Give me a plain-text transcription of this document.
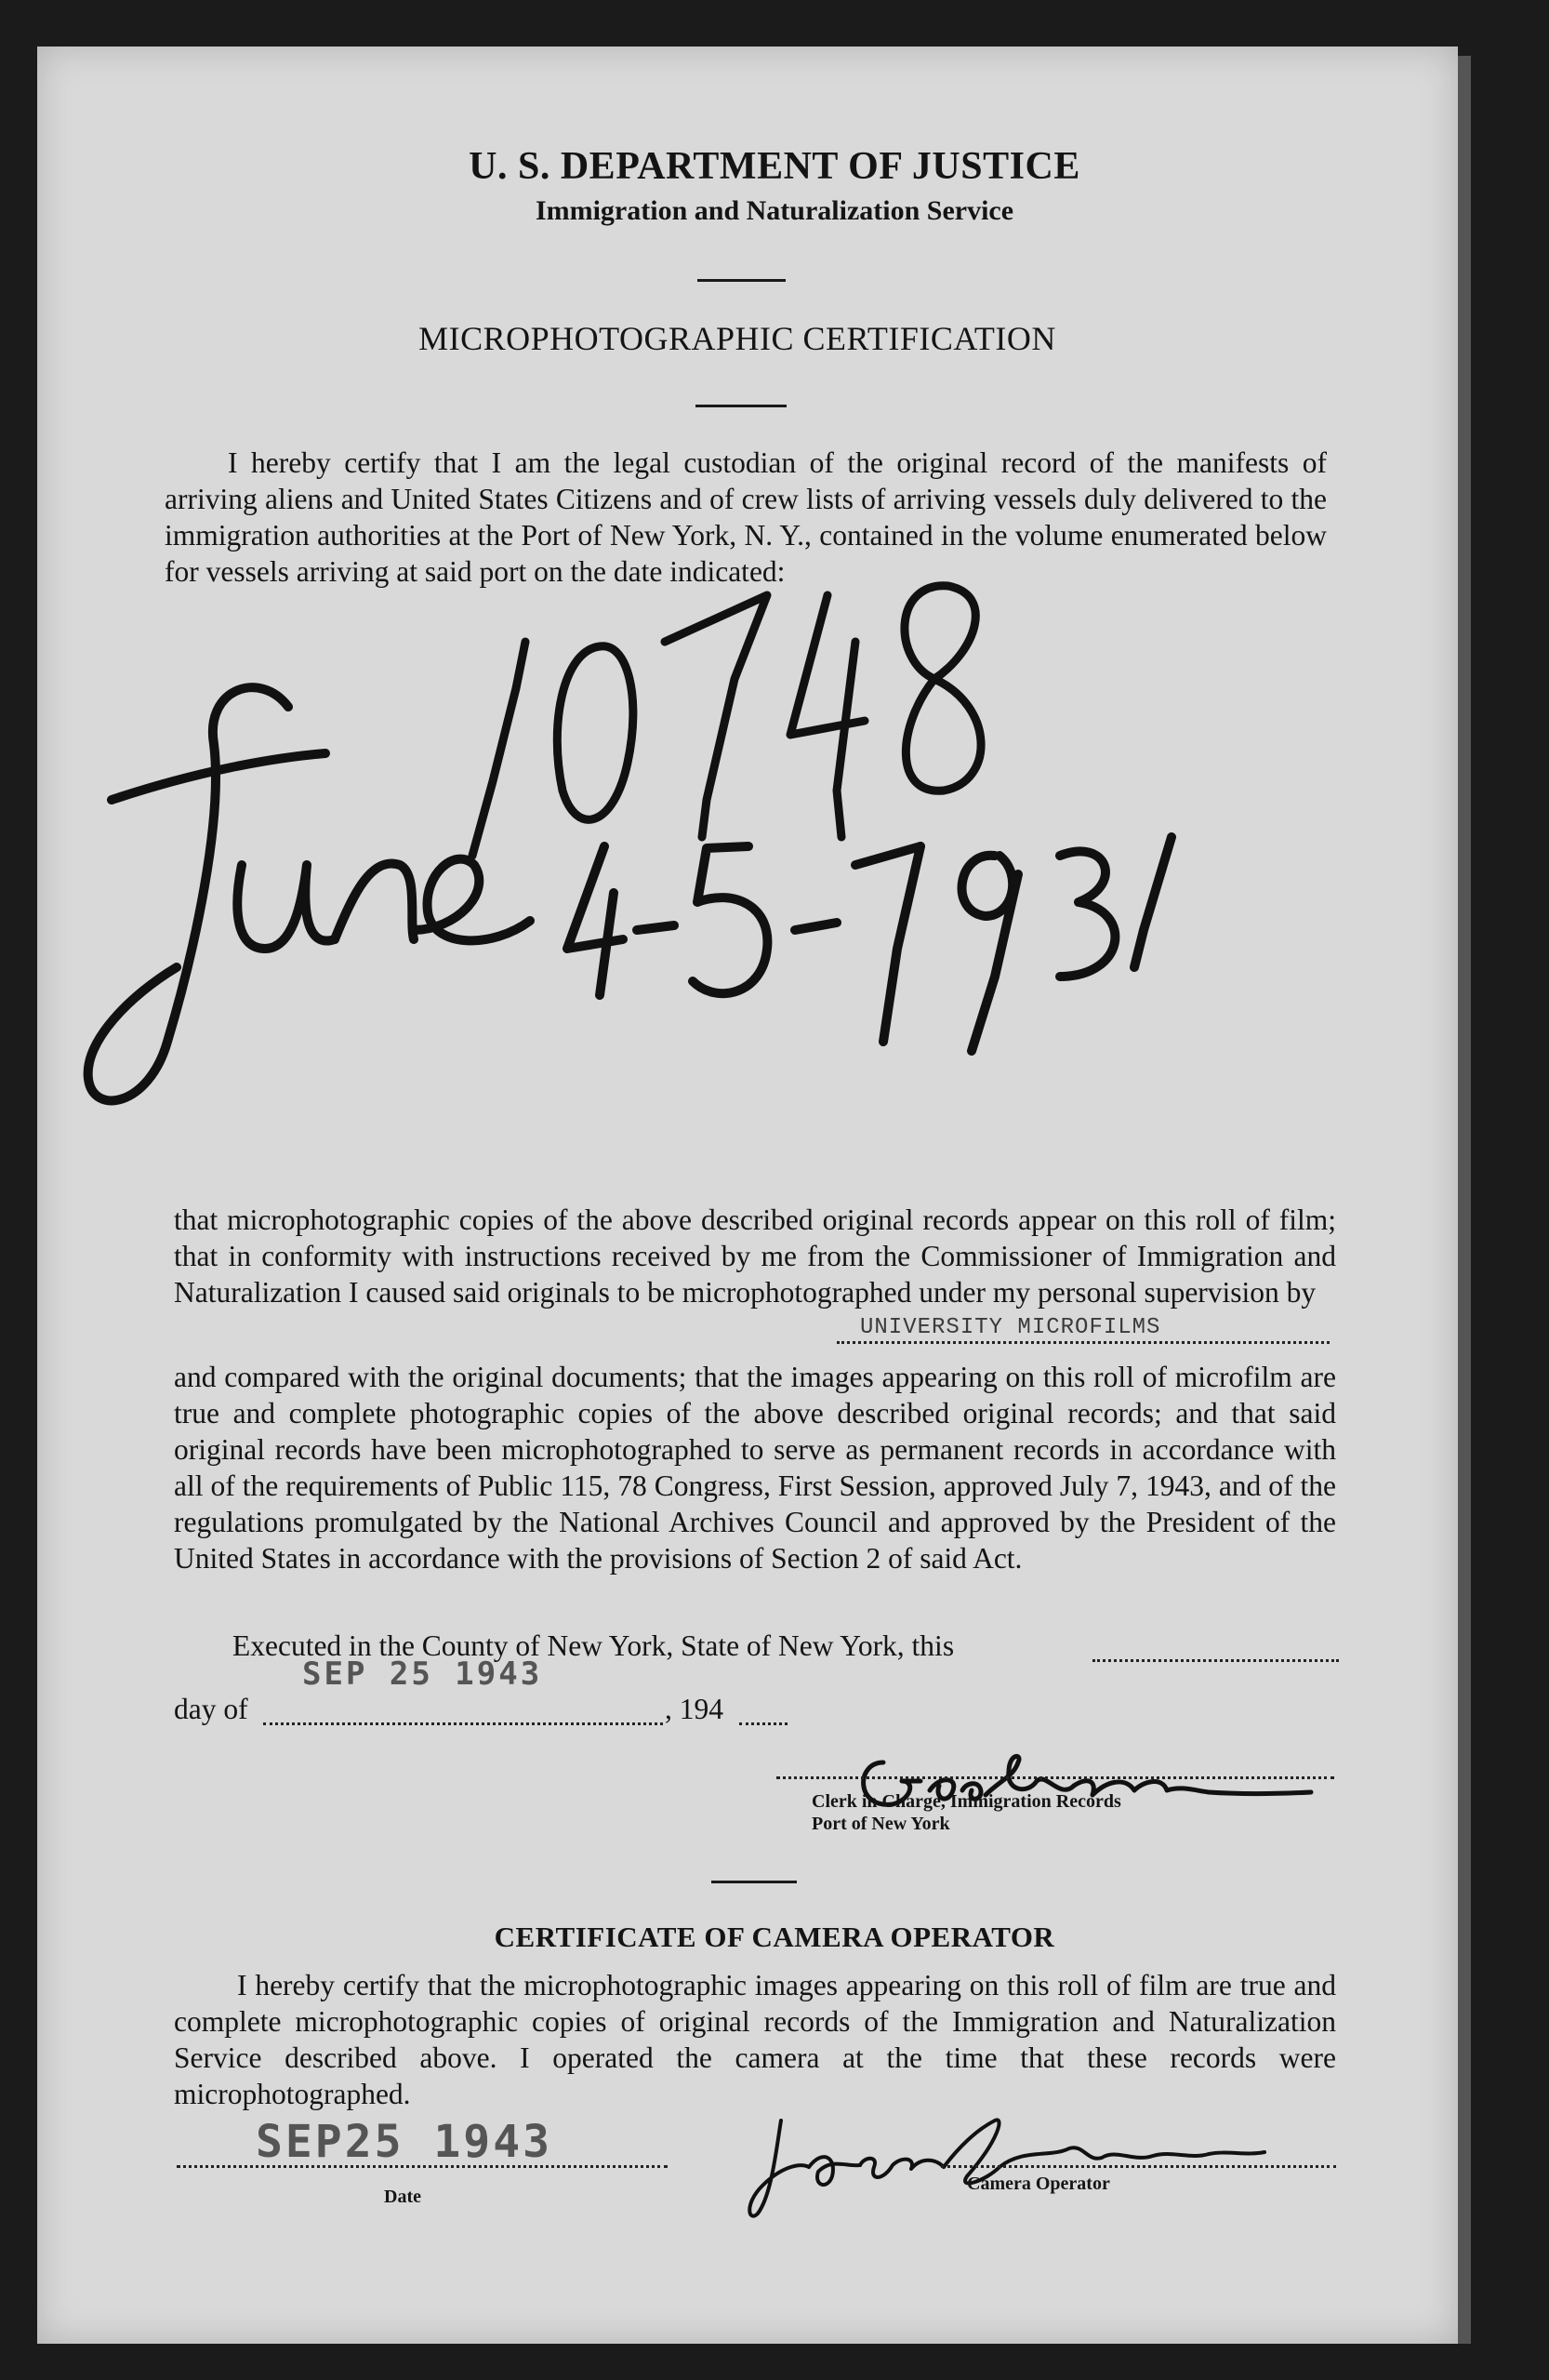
U. S. DEPARTMENT OF JUSTICE
Immigration and Naturalization Service
MICROPHOTOGRAPHIC CERTIFICATION
I hereby certify that I am the legal custodian of the original record of the manifests of arriving aliens and United States Citizens and of crew lists of arriving vessels duly delivered to the immigration authorities at the Port of New York, N. Y., contained in the volume enumerated below for vessels arriving at said port on the date indicated:
that microphotographic copies of the above described original records appear on this roll of film; that in conformity with instructions received by me from the Commissioner of Immigration and Naturalization I caused said originals to be microphotographed under my personal supervision by
UNIVERSITY MICROFILMS
and compared with the original documents; that the images appearing on this roll of microfilm are true and complete photographic copies of the above described original records; and that said original records have been microphotographed to serve as permanent records in accordance with all of the requirements of Public 115, 78 Congress, First Session, approved July 7, 1943, and of the regulations promulgated by the National Archives Council and approved by the President of the United States in accordance with the provisions of Section 2 of said Act.
Executed in the County of New York, State of New York, this
SEP 25 1943
day of	, 194
Clerk in Charge, Immigration Records
Port of New York
CERTIFICATE OF CAMERA OPERATOR
I hereby certify that the microphotographic images appearing on this roll of film are true and complete microphotographic copies of original records of the Immigration and Naturalization Service described above. I operated the camera at the time that these records were microphotographed.
SEP25 1943
Date
Camera Operator
